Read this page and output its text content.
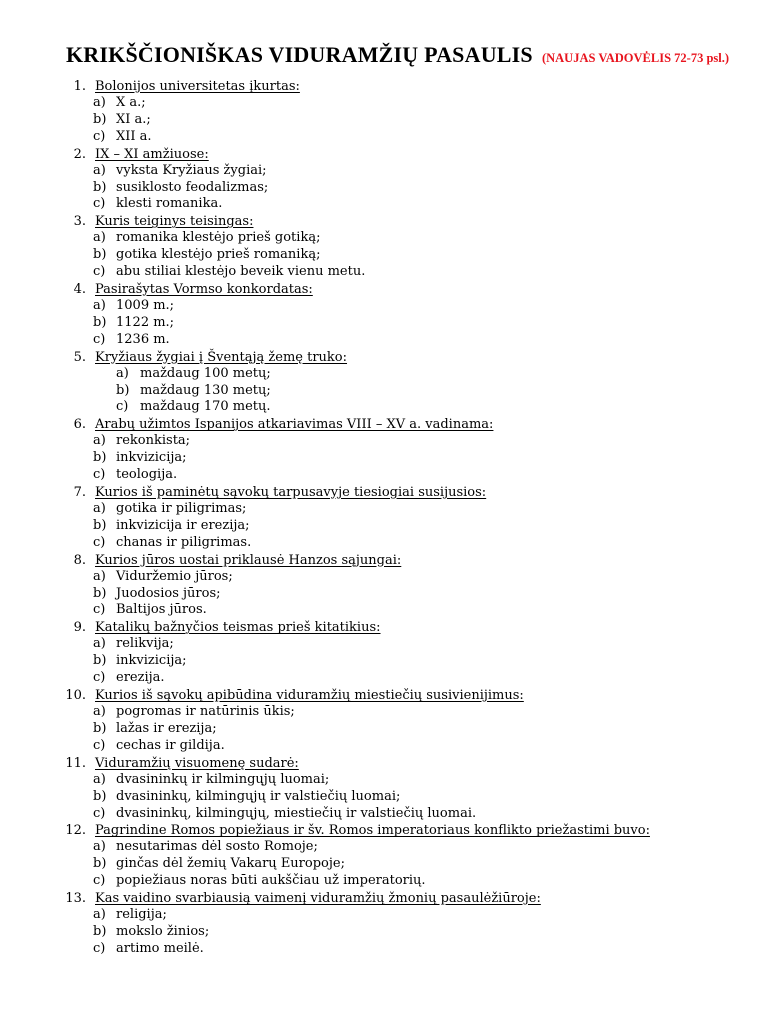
KRIKŠČIONIŠKAS VIDURAMŽIŲ PASAULIS (NAUJAS VADOVĖLIS 72-73 psl.)
1. Bolonijos universitetas įkurtas:
a) X a.;
b) XI a.;
c) XII a.
2. IX – XI amžiuose:
a) vyksta Kryžiaus žygiai;
b) susiklosto feodalizmas;
c) klesti romanika.
3. Kuris teiginys teisingas:
a) romanika klestėjo prieš gotiką;
b) gotika klestėjo prieš romaniką;
c) abu stiliai klestėjo beveik vienu metu.
4. Pasirašytas Vormso konkordatas:
a) 1009 m.;
b) 1122 m.;
c) 1236 m.
5. Kryžiaus žygiai į Šventąją žemę truko:
a) maždaug 100 metų;
b) maždaug 130 metų;
c) maždaug 170 metų.
6. Arabų užimtos Ispanijos atkariavimas VIII – XV a. vadinama:
a) rekonkista;
b) inkvizicija;
c) teologija.
7. Kurios iš paminėtų sąvokų tarpusavyje tiesiogiai susijusios:
a) gotika ir piligrimas;
b) inkvizicija ir erezija;
c) chanas ir piligrimas.
8. Kurios jūros uostai priklausė Hanzos sąjungai:
a) Viduržemio jūros;
b) Juodosios jūros;
c) Baltijos jūros.
9. Katalikų bažnyčios teismas prieš kitatikius:
a) relikvija;
b) inkvizicija;
c) erezija.
10. Kurios iš sąvokų apibūdina viduramžių miestiečių susivienijimus:
a) pogromas ir natūrinis ūkis;
b) lažas ir erezija;
c) cechas ir gildija.
11. Viduramžių visuomenę sudarė:
a) dvasininkų ir kilmingųjų luomai;
b) dvasininkų, kilmingųjų ir valstiečių luomai;
c) dvasininkų, kilmingųjų, miestiečių ir valstiečių luomai.
12. Pagrindine Romos popiežiaus ir šv. Romos imperatoriaus konflikto priežastimi buvo:
a) nesutarimas dėl sosto Romoje;
b) ginčas dėl žemių Vakarų Europoje;
c) popiežiaus noras būti aukščiau už imperatorių.
13. Kas vaidino svarbiausią vaimenį viduramžių žmonių pasaulėžiūroje:
a) religija;
b) mokslo žinios;
c) artimo meilė.
